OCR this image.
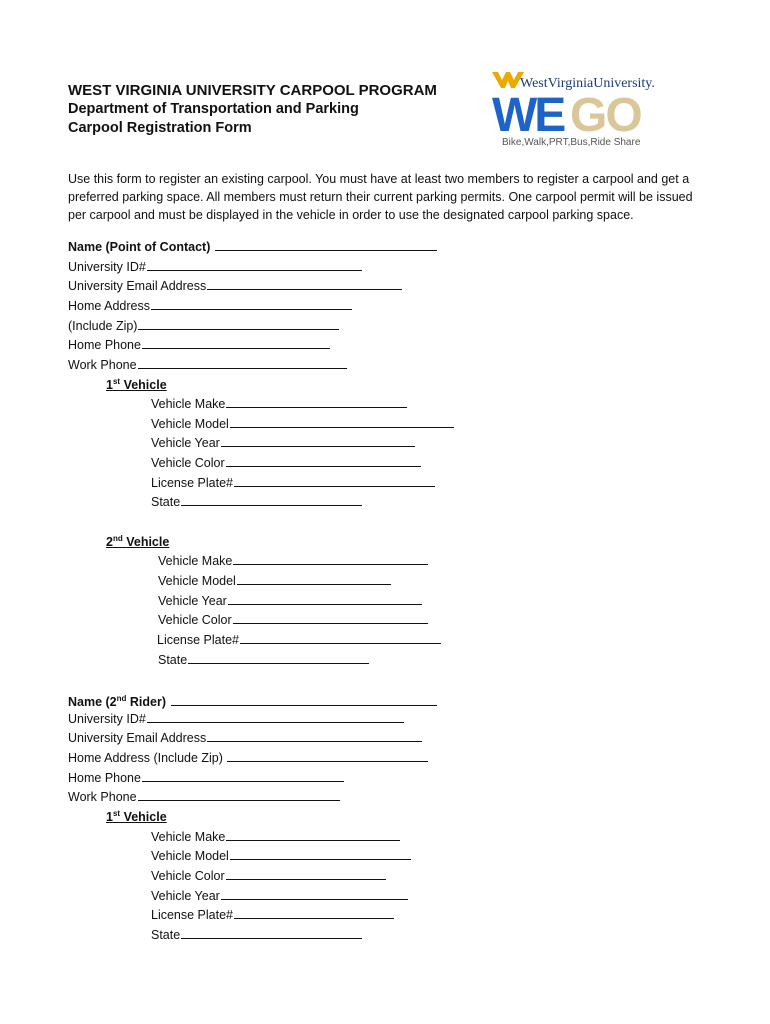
WEST VIRGINIA UNIVERSITY CARPOOL PROGRAM
Department of Transportation and Parking
Carpool Registration Form
WestVirginiaUniversity.
GO
WE
Bike,Walk,PRT,Bus,Ride Share
Use this form to register an existing carpool. You must have at least two members to register a carpool and get a preferred parking space. All members must return their current parking permits. One carpool permit will be issued per carpool and must be displayed in the vehicle in order to use the designated carpool parking space.
Name (Point of Contact)
University ID#
University Email Address
Home Address
(Include Zip)
Home Phone
Work Phone
1st Vehicle
Vehicle Make
Vehicle Model
Vehicle Year
Vehicle Color
License Plate#
State
2nd Vehicle
Vehicle Make
Vehicle Model
Vehicle Year
Vehicle Color
License Plate#
State
Name (2nd Rider)
University ID#
University Email Address
Home Address (Include Zip)
Home Phone
Work Phone
1st Vehicle
Vehicle Make
Vehicle Model
Vehicle Color
Vehicle Year
License Plate#
State
